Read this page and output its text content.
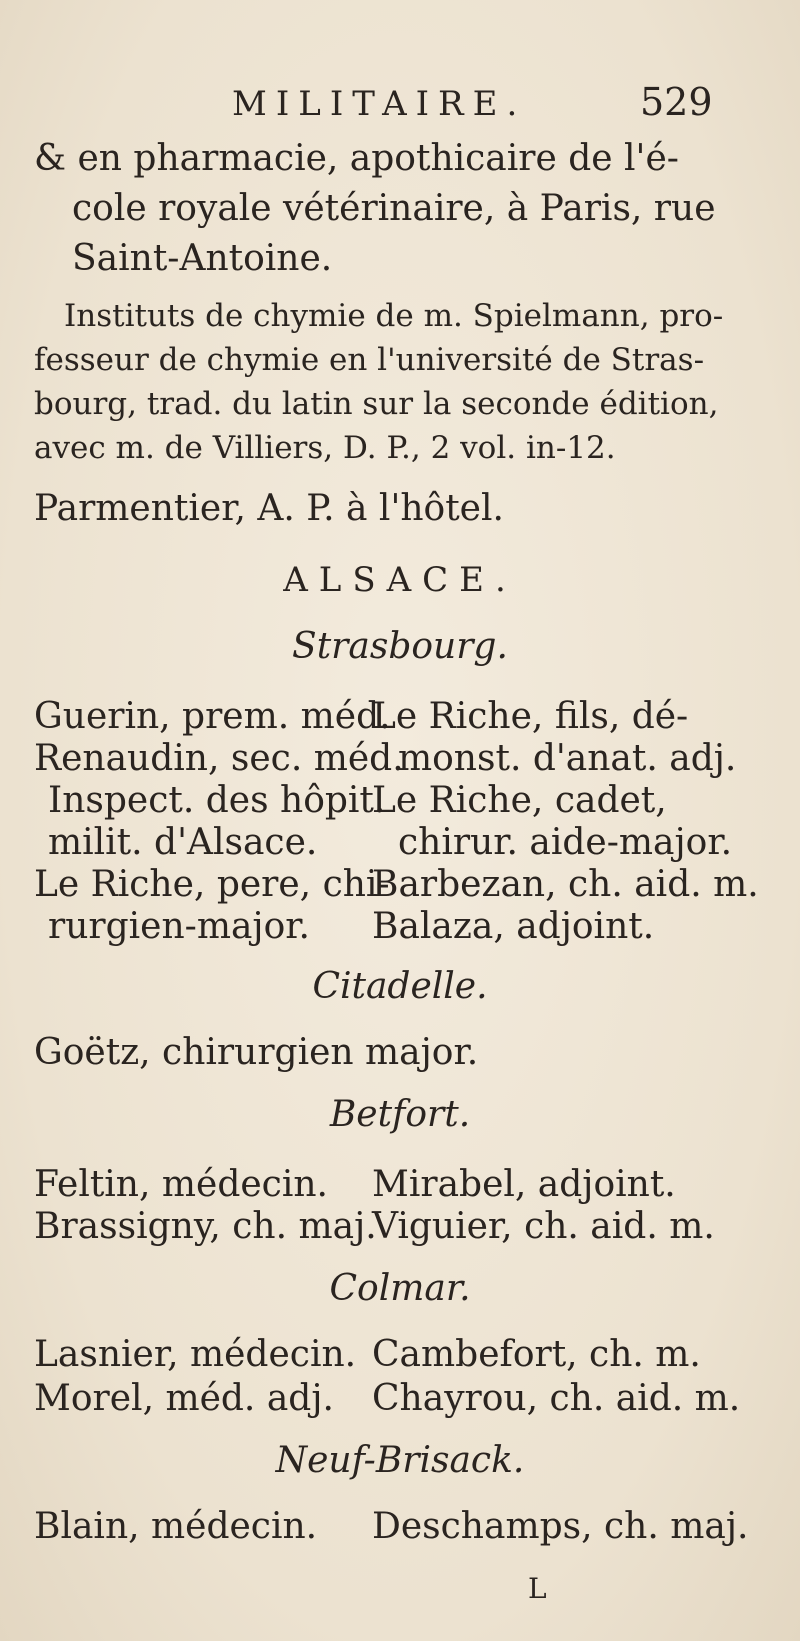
MILITAIRE.	529
& en pharmacie, apothicaire de l'é-
cole royale vétérinaire, à Paris, rue
Saint-Antoine.
Instituts de chymie de m. Spielmann, pro-
fesseur de chymie en l'université de Stras-
bourg, trad. du latin sur la seconde édition,
avec m. de Villiers, D. P., 2 vol. in-12.
Parmentier, A. P. à l'hôtel.
ALSACE.
Strasbourg.
Guerin, prem. méd.
Renaudin, sec. méd.
Inspect. des hôpit.
milit. d'Alsace.
Le Riche, pere, chi-
rurgien-major.
Le Riche, fils, dé-
monst. d'anat. adj.
Le Riche, cadet,
chirur. aide-major.
Barbezan, ch. aid. m.
Balaza, adjoint.
Citadelle.
Goëtz, chirurgien major.
Betfort.
Feltin, médecin.
Brassigny, ch. maj.
Mirabel, adjoint.
Viguier, ch. aid. m.
Colmar.
Lasnier, médecin.
Morel, méd. adj.
Cambefort, ch. m.
Chayrou, ch. aid. m.
Neuf-Brisack.
Blain, médecin. Deschamps, ch. maj.
L
